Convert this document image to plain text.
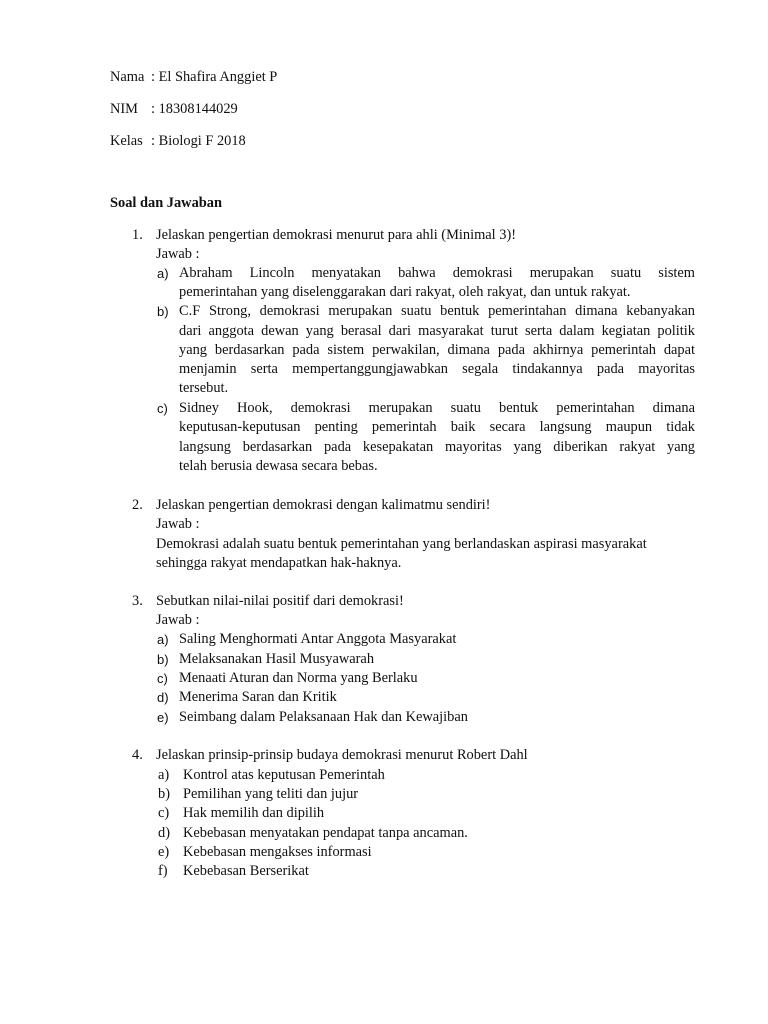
Nama : El Shafira Anggiet P
NIM : 18308144029
Kelas : Biologi F 2018
Soal dan Jawaban
1. Jelaskan pengertian demokrasi menurut para ahli (Minimal 3)!
Jawab :
a) Abraham Lincoln menyatakan bahwa demokrasi merupakan suatu sistem
pemerintahan yang diselenggarakan dari rakyat, oleh rakyat, dan untuk rakyat.
b) C.F Strong, demokrasi merupakan suatu bentuk pemerintahan dimana kebanyakan
dari anggota dewan yang berasal dari masyarakat turut serta dalam kegiatan politik
yang berdasarkan pada sistem perwakilan, dimana pada akhirnya pemerintah dapat
menjamin serta mempertanggungjawabkan segala tindakannya pada mayoritas
tersebut.
c) Sidney Hook, demokrasi merupakan suatu bentuk pemerintahan dimana
keputusan-keputusan penting pemerintah baik secara langsung maupun tidak
langsung berdasarkan pada kesepakatan mayoritas yang diberikan rakyat yang
telah berusia dewasa secara bebas.
2. Jelaskan pengertian demokrasi dengan kalimatmu sendiri!
Jawab :
Demokrasi adalah suatu bentuk pemerintahan yang berlandaskan aspirasi masyarakat
sehingga rakyat mendapatkan hak-haknya.
3. Sebutkan nilai-nilai positif dari demokrasi!
Jawab :
a) Saling Menghormati Antar Anggota Masyarakat
b) Melaksanakan Hasil Musyawarah
c) Menaati Aturan dan Norma yang Berlaku
d) Menerima Saran dan Kritik
e) Seimbang dalam Pelaksanaan Hak dan Kewajiban
4. Jelaskan prinsip-prinsip budaya demokrasi menurut Robert Dahl
a) Kontrol atas keputusan Pemerintah
b) Pemilihan yang teliti dan jujur
c) Hak memilih dan dipilih
d) Kebebasan menyatakan pendapat tanpa ancaman.
e) Kebebasan mengakses informasi
f) Kebebasan Berserikat
